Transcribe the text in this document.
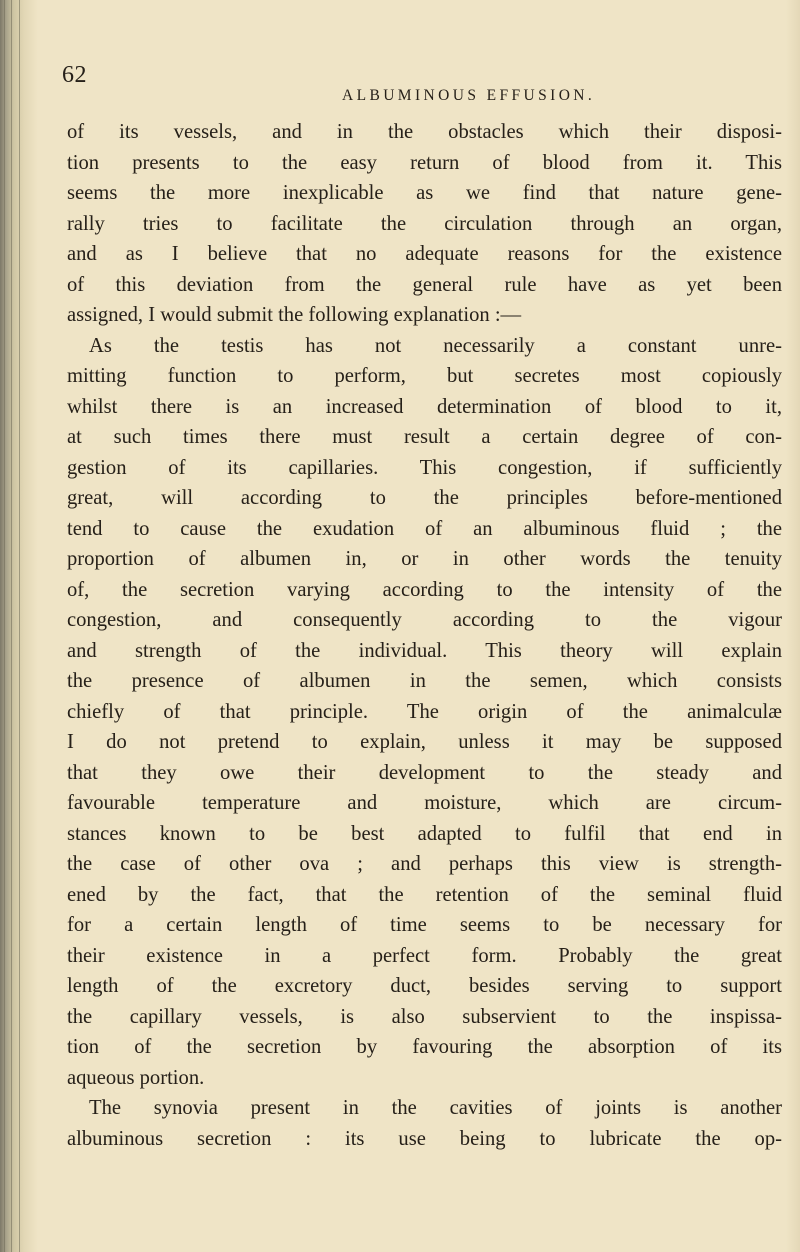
62
ALBUMINOUS EFFUSION.
of its vessels, and in the obstacles which their disposi-
tion presents to the easy return of blood from it. This
seems the more inexplicable as we find that nature gene-
rally tries to facilitate the circulation through an organ,
and as I believe that no adequate reasons for the existence
of this deviation from the general rule have as yet been
assigned, I would submit the following explanation :—
As the testis has not necessarily a constant unre-
mitting function to perform, but secretes most copiously
whilst there is an increased determination of blood to it,
at such times there must result a certain degree of con-
gestion of its capillaries. This congestion, if sufficiently
great, will according to the principles before-mentioned
tend to cause the exudation of an albuminous fluid ; the
proportion of albumen in, or in other words the tenuity
of, the secretion varying according to the intensity of the
congestion, and consequently according to the vigour
and strength of the individual. This theory will explain
the presence of albumen in the semen, which consists
chiefly of that principle. The origin of the animalculæ
I do not pretend to explain, unless it may be supposed
that they owe their development to the steady and
favourable temperature and moisture, which are circum-
stances known to be best adapted to fulfil that end in
the case of other ova ; and perhaps this view is strength-
ened by the fact, that the retention of the seminal fluid
for a certain length of time seems to be necessary for
their existence in a perfect form. Probably the great
length of the excretory duct, besides serving to support
the capillary vessels, is also subservient to the inspissa-
tion of the secretion by favouring the absorption of its
aqueous portion.
The synovia present in the cavities of joints is another
albuminous secretion : its use being to lubricate the op-
